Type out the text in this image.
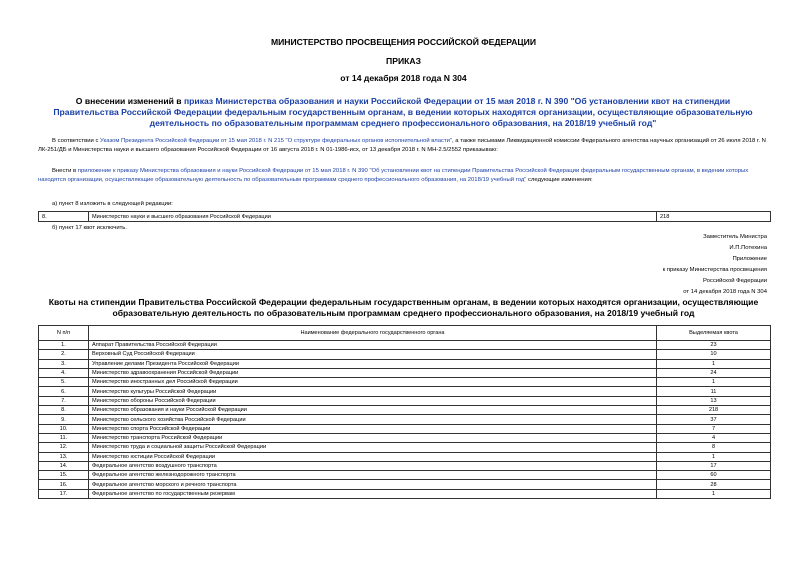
МИНИСТЕРСТВО ПРОСВЕЩЕНИЯ РОССИЙСКОЙ ФЕДЕРАЦИИ
ПРИКАЗ
от 14 декабря 2018 года N 304
О внесении изменений в приказ Министерства образования и науки Российской Федерации от 15 мая 2018 г. N 390 "Об установлении квот на стипендии Правительства Российской Федерации федеральным государственным органам, в ведении которых находятся организации, осуществляющие образовательную деятельность по образовательным программам среднего профессионального образования, на 2018/19 учебный год"
В соответствии с Указом Президента Российской Федерации от 15 мая 2018 г. N 215 "О структуре федеральных органов исполнительной власти", а также письмами Ликвидационной комиссии Федерального агентства научных организаций от 26 июля 2018 г. N ЛК-251/ДБ и Министерства науки и высшего образования Российской Федерации от 16 августа 2018 г. N 01-1986-исх, от 13 декабря 2018 г. N МН-2.5/2552 приказываю:
Внести в приложение к приказу Министерства образования и науки Российской Федерации от 15 мая 2018 г. N 390 "Об установлении квот на стипендии Правительства Российской Федерации федеральным государственным органам, в ведении которых находятся организации, осуществляющие образовательную деятельность по образовательным программам среднего профессионального образования, на 2018/19 учебный год" следующие изменения:
а) пункт 8 изложить в следующей редакции:
8.	Министерство науки и высшего образования Российской Федерации	218
б) пункт 17 квот исключить.
Заместитель Министра
И.П.Потехина
Приложение
к приказу Министерства просвещения
Российской Федерации
от 14 декабря 2018 года N 304
Квоты на стипендии Правительства Российской Федерации федеральным государственным органам, в ведении которых находятся организации, осуществляющие образовательную деятельность по образовательным программам среднего профессионального образования, на 2018/19 учебный год
N п/п	Наименование федерального государственного органа	Выделяемая квота
1.	Аппарат Правительства Российской Федерации	23
2.	Верховный Суд Российской Федерации	10
3.	Управление делами Президента Российской Федерации	1
4.	Министерство здравоохранения Российской Федерации	24
5.	Министерство иностранных дел Российской Федерации	1
6.	Министерство культуры Российской Федерации	11
7.	Министерство обороны Российской Федерации	13
8.	Министерство образования и науки Российской Федерации	218
9.	Министерство сельского хозяйства Российской Федерации	37
10.	Министерство спорта Российской Федерации	7
11.	Министерство транспорта Российской Федерации	4
12.	Министерство труда и социальной защиты Российской Федерации	8
13.	Министерство юстиции Российской Федерации	1
14.	Федеральное агентство воздушного транспорта	17
15.	Федеральное агентство железнодорожного транспорта	60
16.	Федеральное агентство морского и речного транспорта	28
17.	Федеральное агентство по государственным резервам	1
